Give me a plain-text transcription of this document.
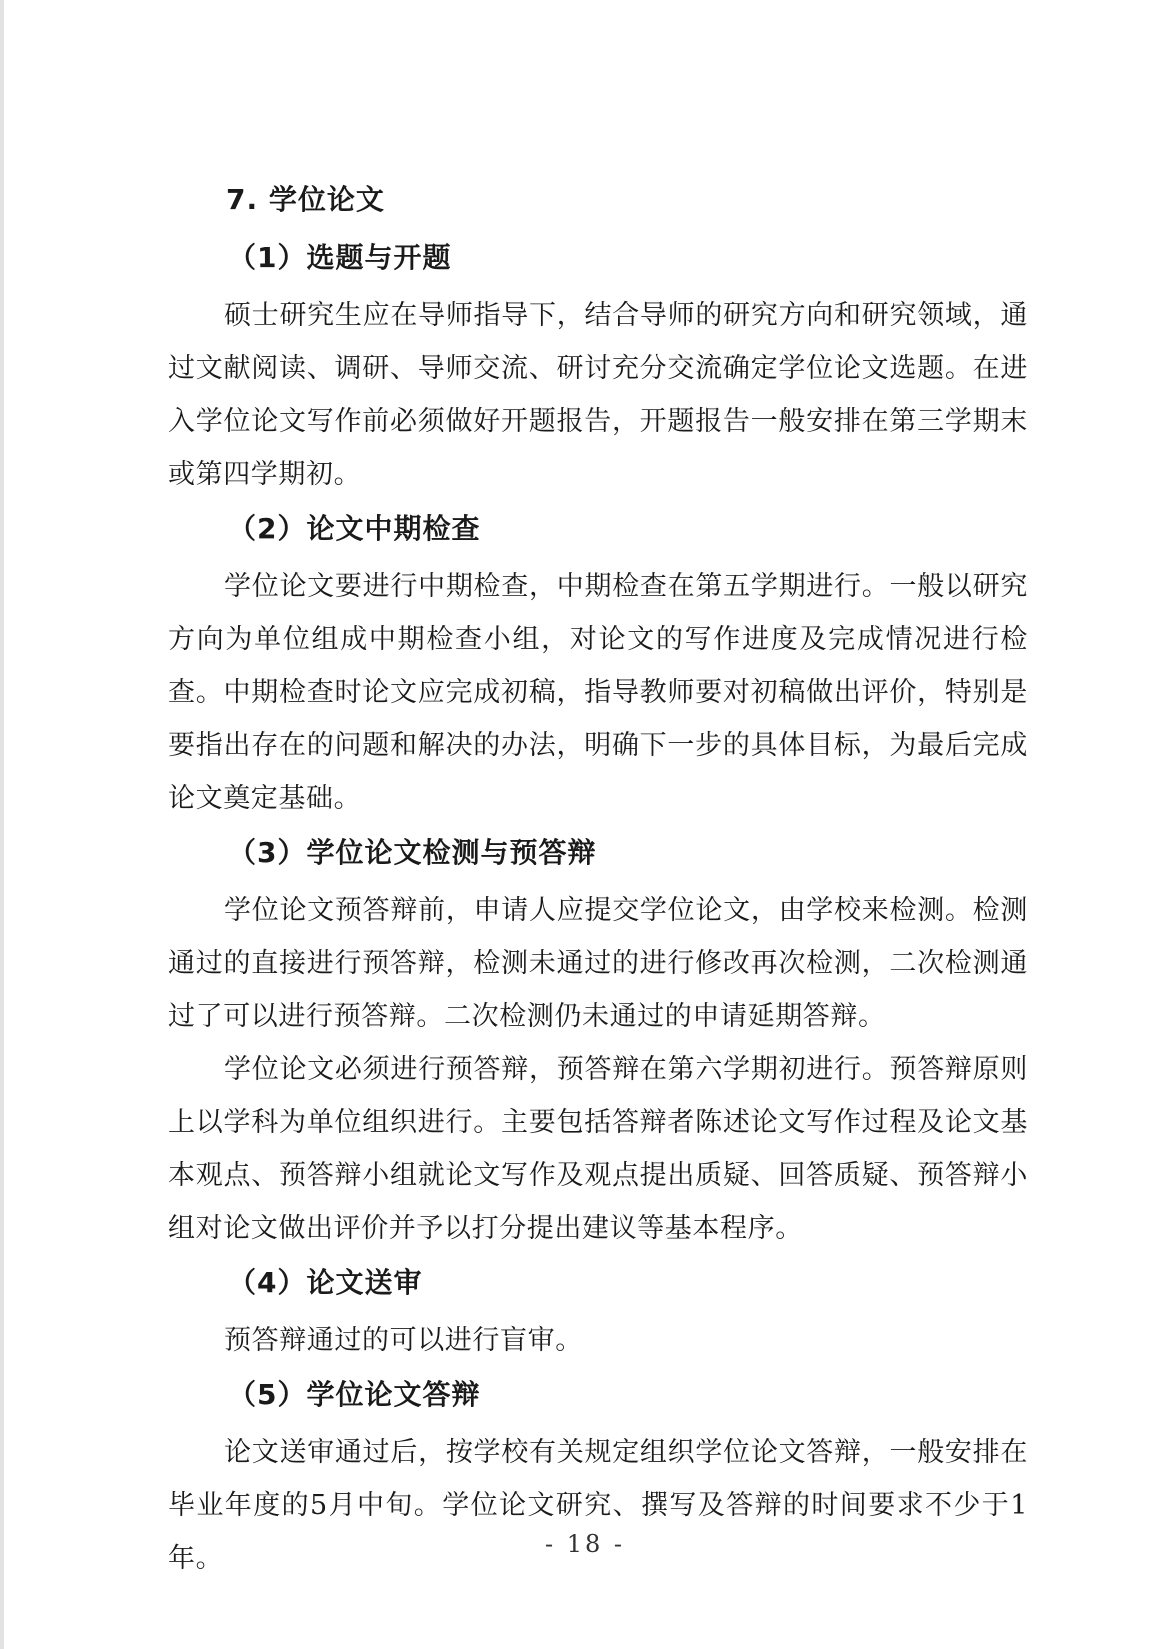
7. 学位论文
（1）选题与开题

硕士研究生应在导师指导下，结合导师的研究方向和研究领域，通过文献阅读、调研、导师交流、研讨充分交流确定学位论文选题。在进入学位论文写作前必须做好开题报告，开题报告一般安排在第三学期末或第四学期初。

（2）论文中期检查

学位论文要进行中期检查，中期检查在第五学期进行。一般以研究方向为单位组成中期检查小组，对论文的写作进度及完成情况进行检查。中期检查时论文应完成初稿，指导教师要对初稿做出评价，特别是要指出存在的问题和解决的办法，明确下一步的具体目标，为最后完成论文奠定基础。

（3）学位论文检测与预答辩

学位论文预答辩前，申请人应提交学位论文，由学校来检测。检测通过的直接进行预答辩，检测未通过的进行修改再次检测，二次检测通过了可以进行预答辩。二次检测仍未通过的申请延期答辩。

学位论文必须进行预答辩，预答辩在第六学期初进行。预答辩原则上以学科为单位组织进行。主要包括答辩者陈述论文写作过程及论文基本观点、预答辩小组就论文写作及观点提出质疑、回答质疑、预答辩小组对论文做出评价并予以打分提出建议等基本程序。

（4）论文送审

预答辩通过的可以进行盲审。

（5）学位论文答辩

论文送审通过后，按学校有关规定组织学位论文答辩，一般安排在毕业年度的5月中旬。学位论文研究、撰写及答辩的时间要求不少于1年。	- 18 -
